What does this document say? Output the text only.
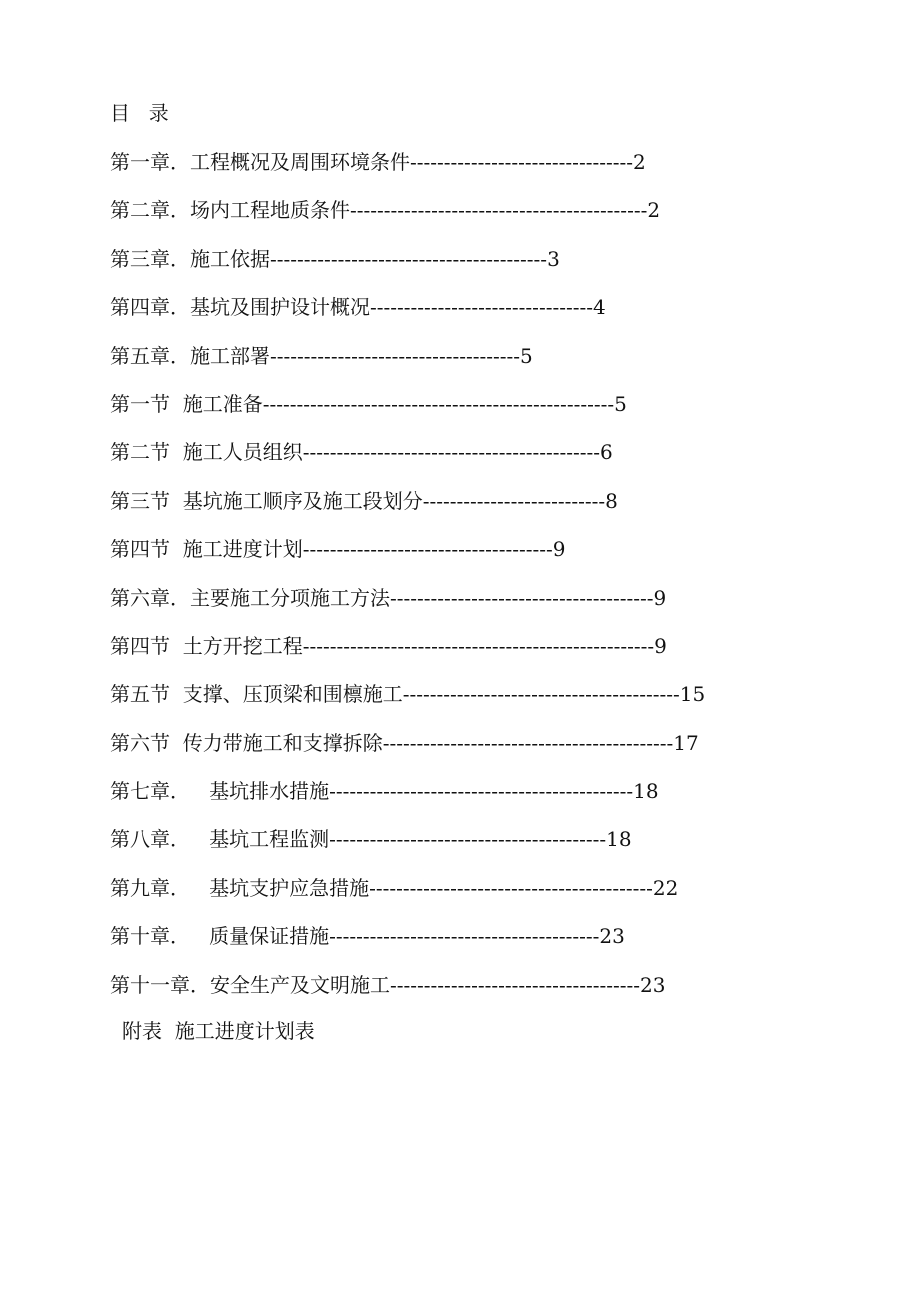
目  录
第一章．工程概况及周围环境条件---------------------------------2
第二章．场内工程地质条件--------------------------------------------2
第三章．施工依据-----------------------------------------3
第四章．基坑及围护设计概况---------------------------------4
第五章．施工部署-------------------------------------5
第一节  施工准备----------------------------------------------------5
第二节  施工人员组织--------------------------------------------6
第三节  基坑施工顺序及施工段划分---------------------------8
第四节  施工进度计划-------------------------------------9
第六章．主要施工分项施工方法---------------------------------------9
第四节  土方开挖工程----------------------------------------------------9
第五节  支撑、压顶梁和围檩施工-----------------------------------------15
第六节  传力带施工和支撑拆除-------------------------------------------17
第七章．   基坑排水措施---------------------------------------------18
第八章．   基坑工程监测-----------------------------------------18
第九章．   基坑支护应急措施------------------------------------------22
第十章．   质量保证措施----------------------------------------23
第十一章．安全生产及文明施工-------------------------------------23
附表  施工进度计划表
